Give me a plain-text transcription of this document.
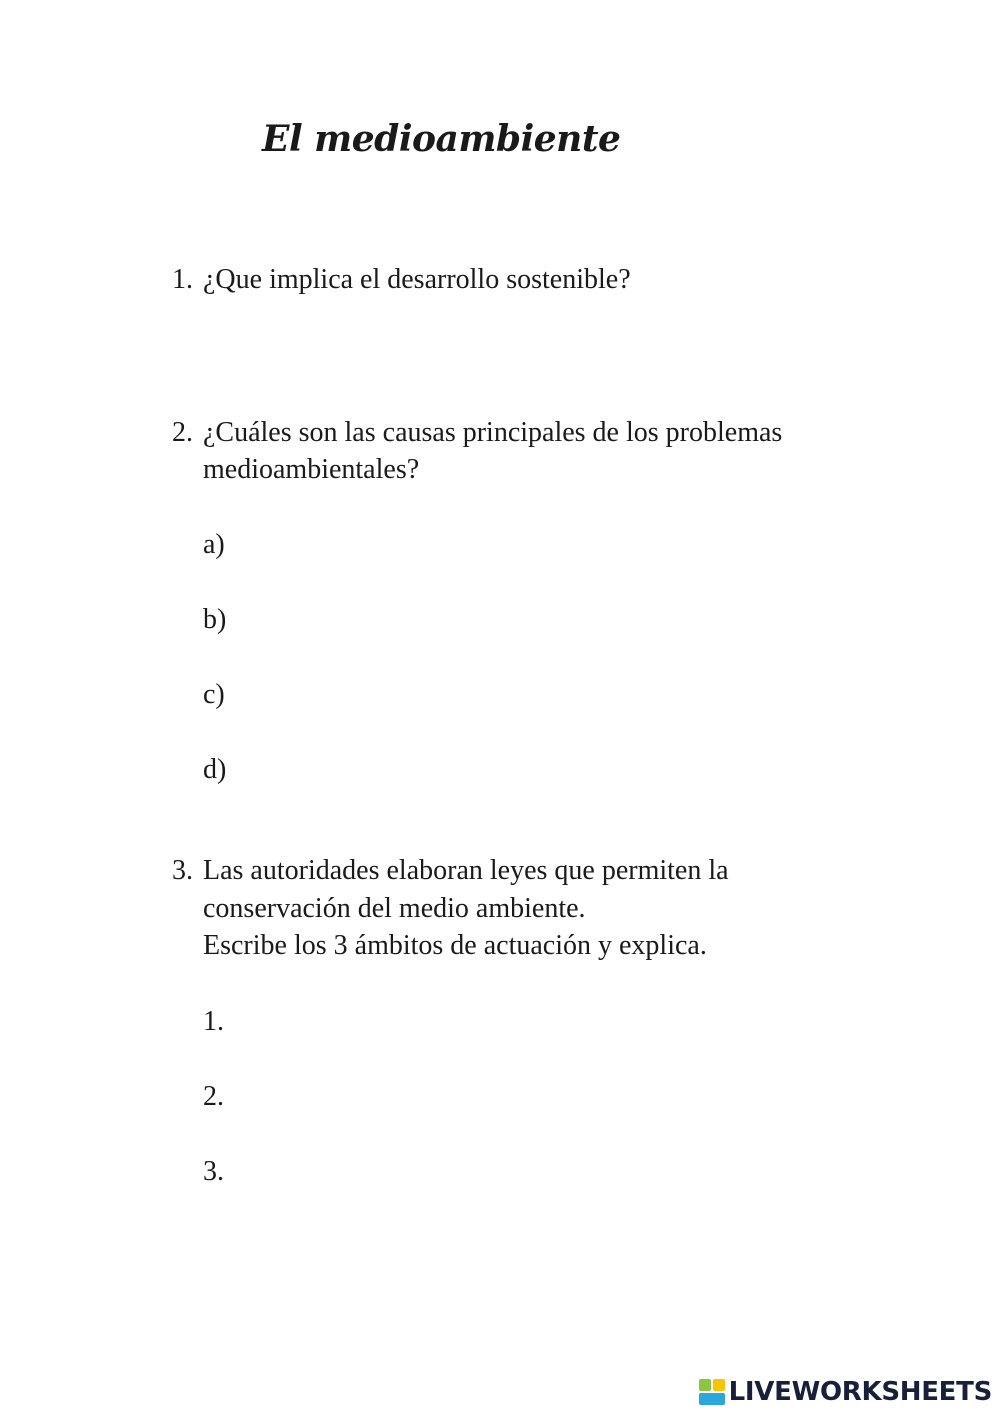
El medioambiente
1. ¿Que implica el desarrollo sostenible?
2. ¿Cuáles son las causas principales de los problemas
medioambientales?
a)
b)
c)
d)
3. Las autoridades elaboran leyes que permiten la
conservación del medio ambiente.
Escribe los 3 ámbitos de actuación y explica.
1.
2.
3.
LIVEWORKSHEETS
